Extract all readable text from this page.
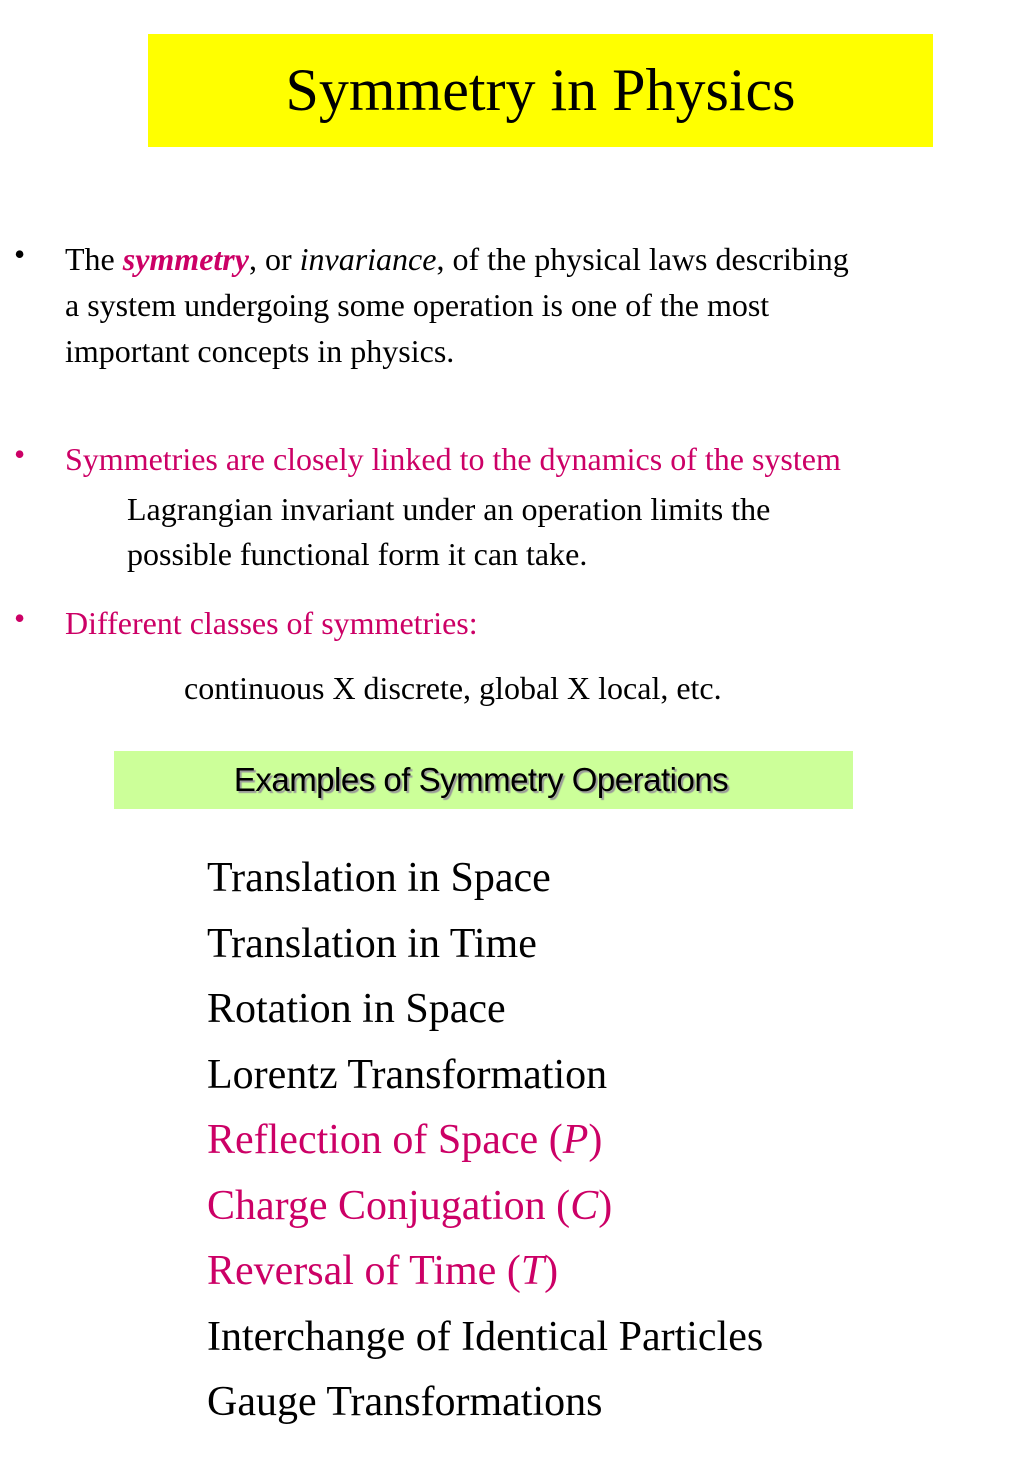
Symmetry in Physics
• The symmetry, or invariance, of the physical laws describing
a system undergoing some operation is one of the most
important concepts in physics.
• Symmetries are closely linked to the dynamics of the system
Lagrangian invariant under an operation limits the
possible functional form it can take.
• Different classes of symmetries:
continuous X discrete, global X local, etc.
Examples of Symmetry Operations
Translation in Space
Translation in Time
Rotation in Space
Lorentz Transformation
Reflection of Space (P)
Charge Conjugation (C)
Reversal of Time (T)
Interchange of Identical Particles
Gauge Transformations
